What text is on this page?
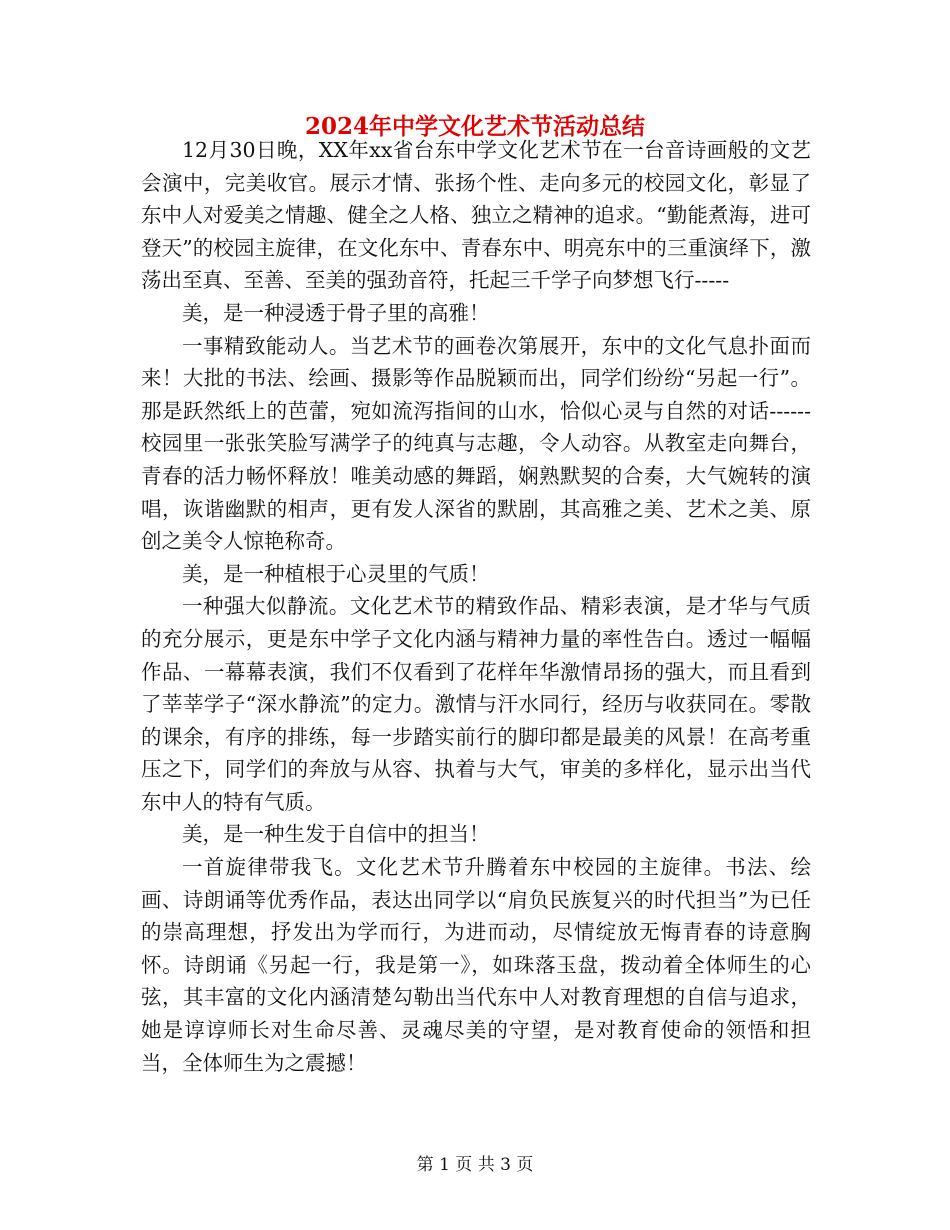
2024年中学文化艺术节活动总结

12月30日晚，XX年xx省台东中学文化艺术节在一台音诗画般的文艺会演中，完美收官。展示才情、张扬个性、走向多元的校园文化，彰显了东中人对爱美之情趣、健全之人格、独立之精神的追求。“勤能煮海，进可登天”的校园主旋律，在文化东中、青春东中、明亮东中的三重演绎下，激荡出至真、至善、至美的强劲音符，托起三千学子向梦想飞行-----

美，是一种浸透于骨子里的高雅！

一事精致能动人。当艺术节的画卷次第展开，东中的文化气息扑面而来！大批的书法、绘画、摄影等作品脱颖而出，同学们纷纷“另起一行”。那是跃然纸上的芭蕾，宛如流泻指间的山水，恰似心灵与自然的对话------校园里一张张笑脸写满学子的纯真与志趣，令人动容。从教室走向舞台，青春的活力畅怀释放！唯美动感的舞蹈，娴熟默契的合奏，大气婉转的演唱，诙谐幽默的相声，更有发人深省的默剧，其高雅之美、艺术之美、原创之美令人惊艳称奇。

美，是一种植根于心灵里的气质！

一种强大似静流。文化艺术节的精致作品、精彩表演，是才华与气质的充分展示，更是东中学子文化内涵与精神力量的率性告白。透过一幅幅作品、一幕幕表演，我们不仅看到了花样年华激情昂扬的强大，而且看到了莘莘学子“深水静流”的定力。激情与汗水同行，经历与收获同在。零散的课余，有序的排练，每一步踏实前行的脚印都是最美的风景！在高考重压之下，同学们的奔放与从容、执着与大气，审美的多样化，显示出当代东中人的特有气质。

美，是一种生发于自信中的担当！

一首旋律带我飞。文化艺术节升腾着东中校园的主旋律。书法、绘画、诗朗诵等优秀作品，表达出同学以“肩负民族复兴的时代担当”为已任的崇高理想，抒发出为学而行，为进而动，尽情绽放无悔青春的诗意胸怀。诗朗诵《另起一行，我是第一》，如珠落玉盘，拨动着全体师生的心弦，其丰富的文化内涵清楚勾勒出当代东中人对教育理想的自信与追求，她是谆谆师长对生命尽善、灵魂尽美的守望，是对教育使命的领悟和担当，全体师生为之震撼！

第 1 页 共 3 页
